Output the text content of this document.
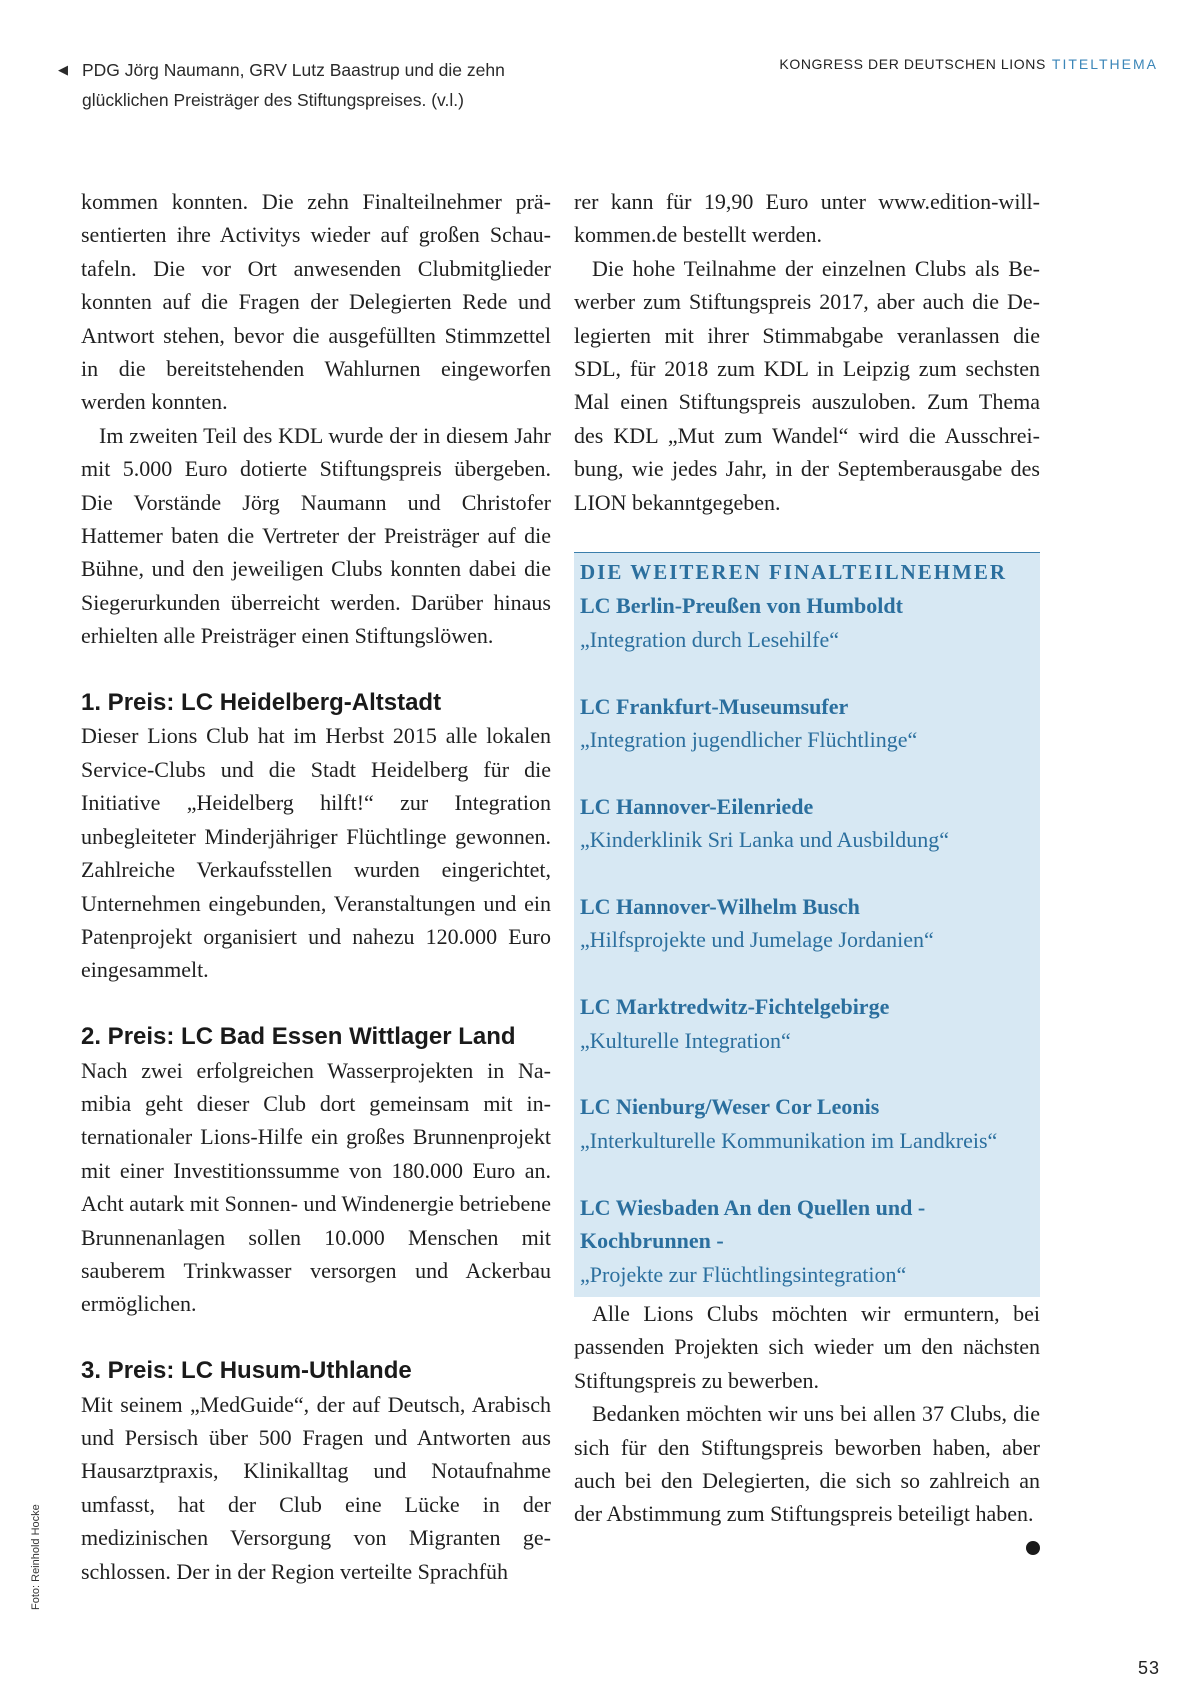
◀ PDG Jörg Naumann, GRV Lutz Baastrup und die zehn glücklichen Preisträger des Stiftungspreises. (v.l.)
KONGRESS DER DEUTSCHEN LIONS TITELTHEMA

kommen konnten. Die zehn Finalteilnehmer präsentierten ihre Activitys wieder auf großen Schautafeln. Die vor Ort anwesenden Clubmitglieder konnten auf die Fragen der Delegierten Rede und Antwort stehen, bevor die ausgefüllten Stimmzettel in die bereitstehenden Wahlurnen eingeworfen werden konnten.

Im zweiten Teil des KDL wurde der in diesem Jahr mit 5.000 Euro dotierte Stiftungspreis übergeben. Die Vorstände Jörg Naumann und Christofer Hattemer baten die Vertreter der Preisträger auf die Bühne, und den jeweiligen Clubs konnten dabei die Siegerurkunden überreicht werden. Darüber hinaus erhielten alle Preisträger einen Stiftungslöwen.

1. Preis: LC Heidelberg-Altstadt

Dieser Lions Club hat im Herbst 2015 alle lokalen Service-Clubs und die Stadt Heidelberg für die Initiative „Heidelberg hilft!“ zur Integration unbegleiteter Minderjähriger Flüchtlinge gewonnen. Zahlreiche Verkaufsstellen wurden eingerichtet, Unternehmen eingebunden, Veranstaltungen und ein Patenprojekt organisiert und nahezu 120.000 Euro eingesammelt.

2. Preis: LC Bad Essen Wittlager Land

Nach zwei erfolgreichen Wasserprojekten in Namibia geht dieser Club dort gemeinsam mit internationaler Lions-Hilfe ein großes Brunnenprojekt mit einer Investitionssumme von 180.000 Euro an. Acht autark mit Sonnen- und Windenergie betriebene Brunnenanlagen sollen 10.000 Menschen mit sauberem Trinkwasser versorgen und Ackerbau ermöglichen.

3. Preis: LC Husum-Uthlande

Mit seinem „MedGuide“, der auf Deutsch, Arabisch und Persisch über 500 Fragen und Antworten aus Hausarztpraxis, Klinikalltag und Notaufnahme umfasst, hat der Club eine Lücke in der medizinischen Versorgung von Migranten geschlossen. Der in der Region verteilte Sprachfüh

rer kann für 19,90 Euro unter www.edition-willkommen.de bestellt werden.

Die hohe Teilnahme der einzelnen Clubs als Bewerber zum Stiftungspreis 2017, aber auch die Delegierten mit ihrer Stimmabgabe veranlassen die SDL, für 2018 zum KDL in Leipzig zum sechsten Mal einen Stiftungspreis auszuloben. Zum Thema des KDL „Mut zum Wandel“ wird die Ausschreibung, wie jedes Jahr, in der Septemberausgabe des LION bekanntgegeben.

DIE WEITEREN FINALTEILNEHMER
LC Berlin-Preußen von Humboldt
„Integration durch Lesehilfe“
LC Frankfurt-Museumsufer
„Integration jugendlicher Flüchtlinge“
LC Hannover-Eilenriede
„Kinderklinik Sri Lanka und Ausbildung“
LC Hannover-Wilhelm Busch
„Hilfsprojekte und Jumelage Jordanien“
LC Marktredwitz-Fichtelgebirge
„Kulturelle Integration“
LC Nienburg/Weser Cor Leonis
„Interkulturelle Kommunikation im Landkreis“
LC Wiesbaden An den Quellen und - Kochbrunnen -
„Projekte zur Flüchtlingsintegration“

Alle Lions Clubs möchten wir ermuntern, bei passenden Projekten sich wieder um den nächsten Stiftungspreis zu bewerben.

Bedanken möchten wir uns bei allen 37 Clubs, die sich für den Stiftungspreis beworben haben, aber auch bei den Delegierten, die sich so zahlreich an der Abstimmung zum Stiftungspreis beteiligt haben.
L

Foto: Reinhold Hocke
53
